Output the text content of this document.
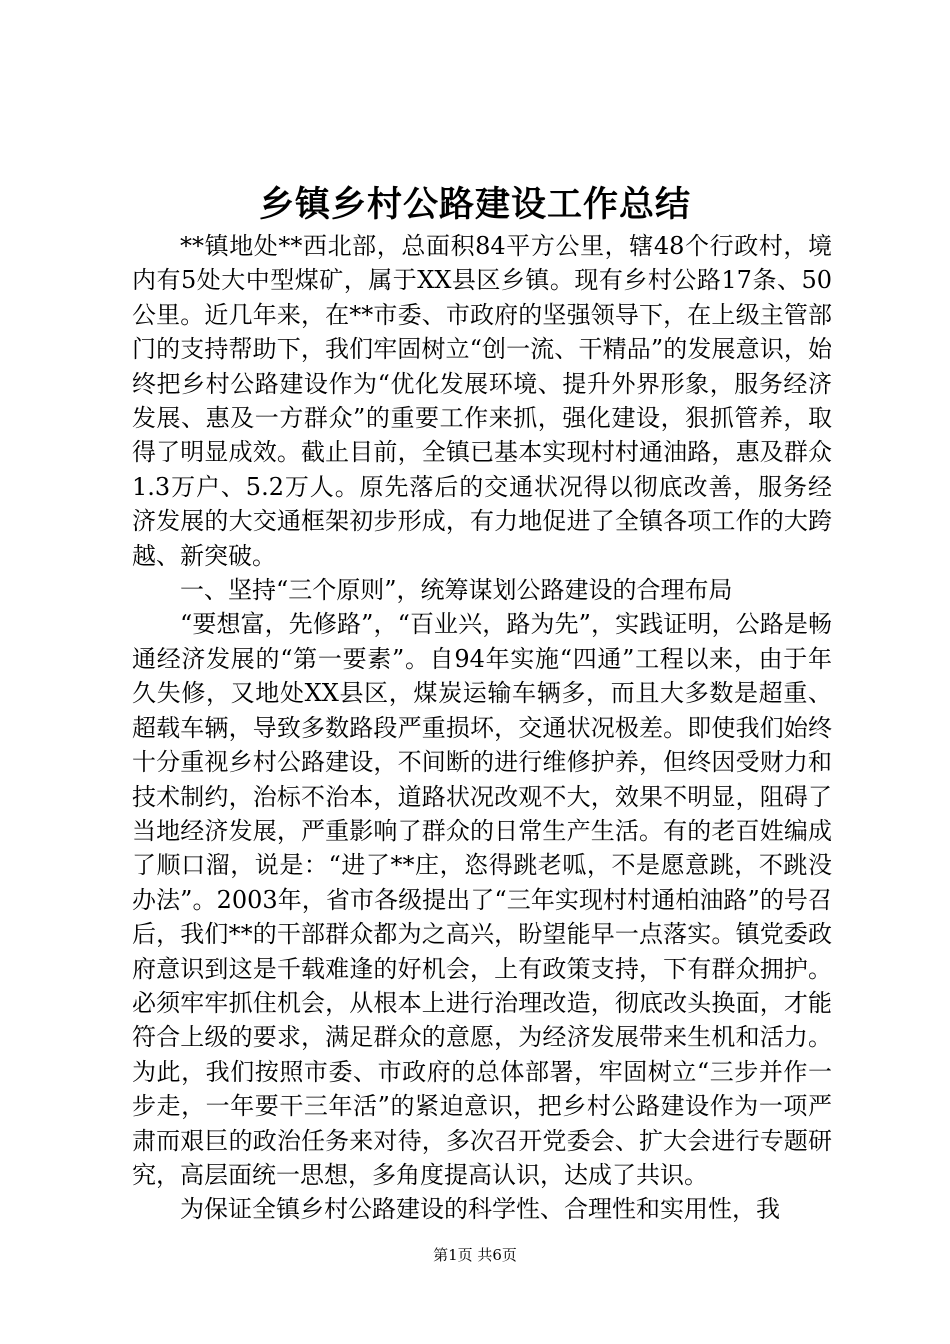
乡镇乡村公路建设工作总结

**镇地处**西北部，总面积84平方公里，辖48个行政村，境内有5处大中型煤矿，属于XX县区乡镇。现有乡村公路17条、50公里。近几年来，在**市委、市政府的坚强领导下，在上级主管部门的支持帮助下，我们牢固树立“创一流、干精品”的发展意识，始终把乡村公路建设作为“优化发展环境、提升外界形象，服务经济发展、惠及一方群众”的重要工作来抓，强化建设，狠抓管养，取得了明显成效。截止目前，全镇已基本实现村村通油路，惠及群众1.3万户、5.2万人。原先落后的交通状况得以彻底改善，服务经济发展的大交通框架初步形成，有力地促进了全镇各项工作的大跨越、新突破。

一、坚持“三个原则”，统筹谋划公路建设的合理布局

“要想富，先修路”，“百业兴，路为先”，实践证明，公路是畅通经济发展的“第一要素”。自94年实施“四通”工程以来，由于年久失修，又地处XX县区，煤炭运输车辆多，而且大多数是超重、超载车辆，导致多数路段严重损坏，交通状况极差。即使我们始终十分重视乡村公路建设，不间断的进行维修护养，但终因受财力和技术制约，治标不治本，道路状况改观不大，效果不明显，阻碍了当地经济发展，严重影响了群众的日常生产生活。有的老百姓编成了顺口溜，说是：“进了**庄，恣得跳老呱，不是愿意跳，不跳没办法”。2003年，省市各级提出了“三年实现村村通柏油路”的号召后，我们**的干部群众都为之高兴，盼望能早一点落实。镇党委政府意识到这是千载难逢的好机会，上有政策支持，下有群众拥护。必须牢牢抓住机会，从根本上进行治理改造，彻底改头换面，才能符合上级的要求，满足群众的意愿，为经济发展带来生机和活力。为此，我们按照市委、市政府的总体部署，牢固树立“三步并作一步走，一年要干三年活”的紧迫意识，把乡村公路建设作为一项严肃而艰巨的政治任务来对待，多次召开党委会、扩大会进行专题研究，高层面统一思想，多角度提高认识，达成了共识。

为保证全镇乡村公路建设的科学性、合理性和实用性，我

第1页 共6页
